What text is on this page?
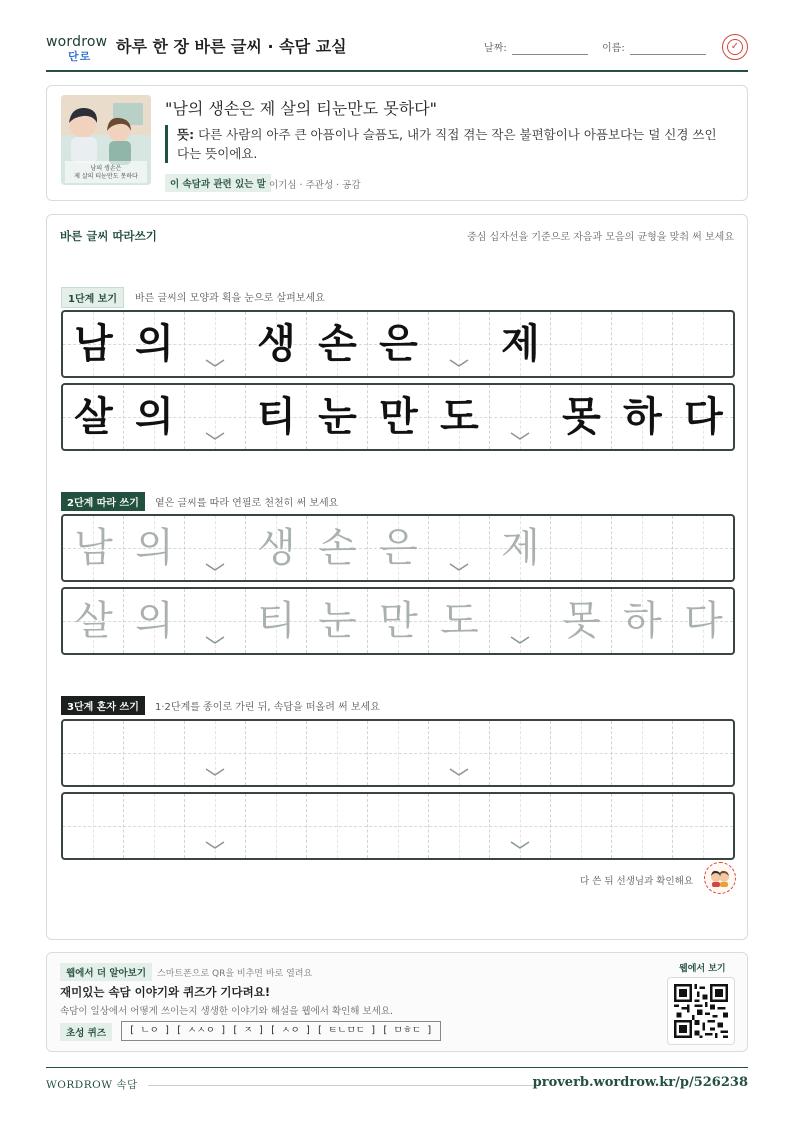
wordrow
단로
하루 한 장 바른 글씨 · 속담 교실	날짜:	이름:	✓
남의 생손은
제 살의 티눈만도 못하다
"남의 생손은 제 살의 티눈만도 못하다"
뜻: 다른 사람의 아주 큰 아픔이나 슬픔도, 내가 직접 겪는 작은 불편함이나 아픔보다는 덜 신경 쓰인다는 뜻이에요.
이 속담과 관련 있는 말 이기심 · 주관성 · 공감
바른 글씨 따라쓰기	중심 십자선을 기준으로 자음과 모음의 균형을 맞춰 써 보세요
1단계 보기	바른 글씨의 모양과 획을 눈으로 살펴보세요
남 의 생 손 은 제
살 의 티 눈 만 도 못 하 다
2단계 따라 쓰기	옅은 글씨를 따라 연필로 천천히 써 보세요
남 의 생 손 은 제
살 의 티 눈 만 도 못 하 다
3단계 혼자 쓰기	1·2단계를 종이로 가린 뒤, 속담을 떠올려 써 보세요
다 쓴 뒤 선생님과 확인해요
웹에서 더 알아보기	스마트폰으로 QR을 비추면 바로 열려요
재미있는 속담 이야기와 퀴즈가 기다려요!
속담이 일상에서 어떻게 쓰이는지 생생한 이야기와 해설을 웹에서 확인해 보세요.
초성 퀴즈	[ ㄴㅇ ] [ ㅅㅅㅇ ] [ ㅈ ] [ ㅅㅇ ] [ ㅌㄴㅁㄷ ] [ ㅁㅎㄷ ]
웹에서 보기
WORDROW 속담	proverb.wordrow.kr/p/526238
